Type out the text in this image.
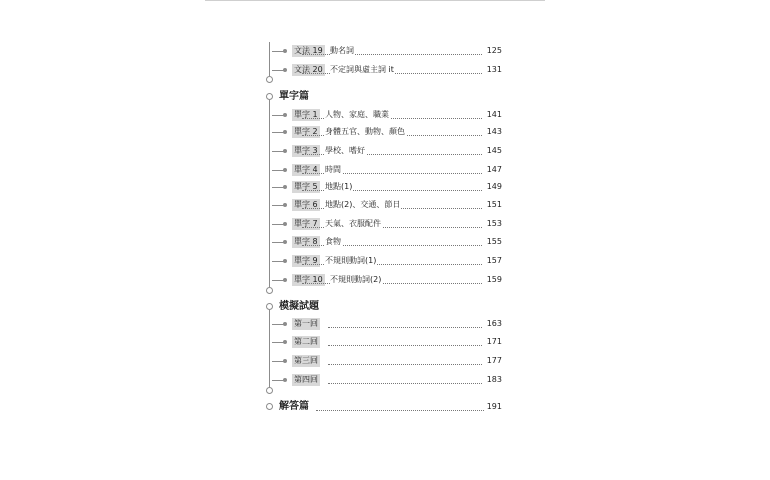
文法 19 動名詞	125
文法 20 不定詞與虛主詞 it	131
單字篇
單字 1 人物、家庭、職業	141
單字 2 身體五官、動物、顏色	143
單字 3 學校、嗜好	145
單字 4 時間	147
單字 5 地點(1)	149
單字 6 地點(2)、交通、節日	151
單字 7 天氣、衣服配件	153
單字 8 食物	155
單字 9 不規則動詞(1)	157
單字 10 不規則動詞(2)	159
模擬試題
第一回	163
第二回	171
第三回	177
第四回	183
解答篇	191
